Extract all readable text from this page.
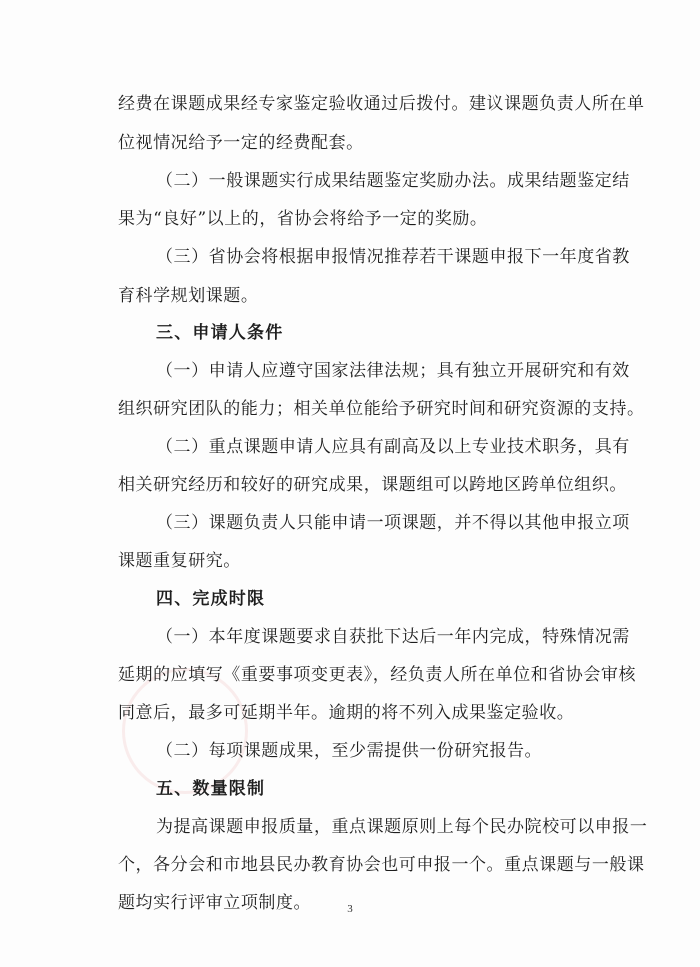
经费在课题成果经专家鉴定验收通过后拨付。建议课题负责人所在单
位视情况给予一定的经费配套。
（二）一般课题实行成果结题鉴定奖励办法。成果结题鉴定结
果为“良好”以上的，省协会将给予一定的奖励。
（三）省协会将根据申报情况推荐若干课题申报下一年度省教
育科学规划课题。
三、申请人条件
（一）申请人应遵守国家法律法规；具有独立开展研究和有效
组织研究团队的能力；相关单位能给予研究时间和研究资源的支持。
（二）重点课题申请人应具有副高及以上专业技术职务，具有
相关研究经历和较好的研究成果，课题组可以跨地区跨单位组织。
（三）课题负责人只能申请一项课题，并不得以其他申报立项
课题重复研究。
四、完成时限
（一）本年度课题要求自获批下达后一年内完成，特殊情况需
延期的应填写《重要事项变更表》，经负责人所在单位和省协会审核
同意后，最多可延期半年。逾期的将不列入成果鉴定验收。
（二）每项课题成果，至少需提供一份研究报告。
五、数量限制
为提高课题申报质量，重点课题原则上每个民办院校可以申报一
个，各分会和市地县民办教育协会也可申报一个。重点课题与一般课
题均实行评审立项制度。	3
